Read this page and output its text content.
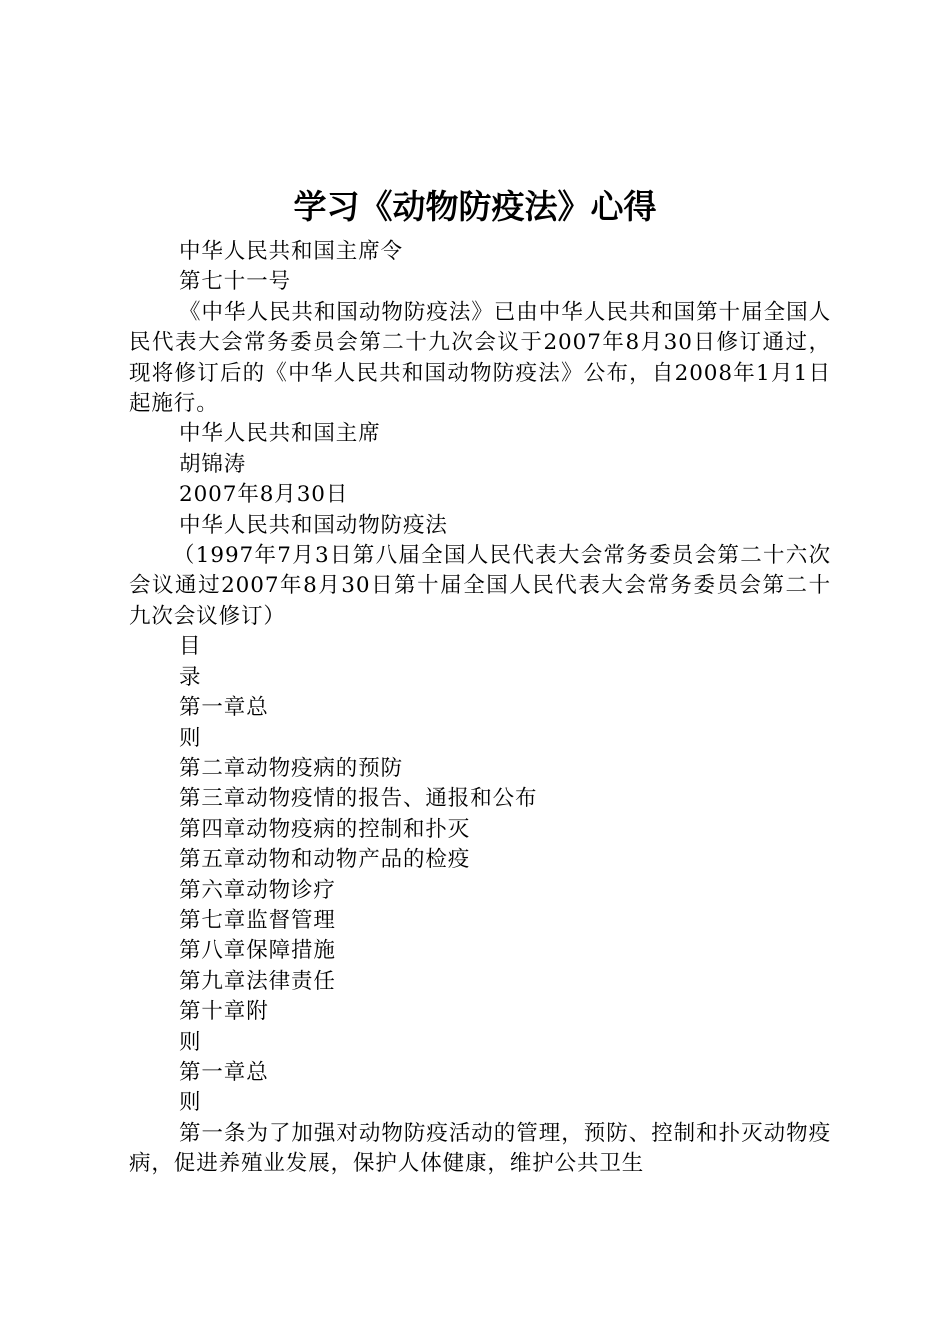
学习《动物防疫法》心得

中华人民共和国主席令

第七十一号

《中华人民共和国动物防疫法》已由中华人民共和国第十届全国人民代表大会常务委员会第二十九次会议于2007年8月30日修订通过，现将修订后的《中华人民共和国动物防疫法》公布，自2008年1月1日起施行。

中华人民共和国主席

胡锦涛

2007年8月30日

中华人民共和国动物防疫法

（1997年7月3日第八届全国人民代表大会常务委员会第二十六次会议通过2007年8月30日第十届全国人民代表大会常务委员会第二十九次会议修订）

目

录

第一章总

则

第二章动物疫病的预防

第三章动物疫情的报告、通报和公布

第四章动物疫病的控制和扑灭

第五章动物和动物产品的检疫

第六章动物诊疗

第七章监督管理

第八章保障措施

第九章法律责任

第十章附

则

第一章总

则

第一条为了加强对动物防疫活动的管理，预防、控制和扑灭动物疫病，促进养殖业发展，保护人体健康，维护公共卫生
